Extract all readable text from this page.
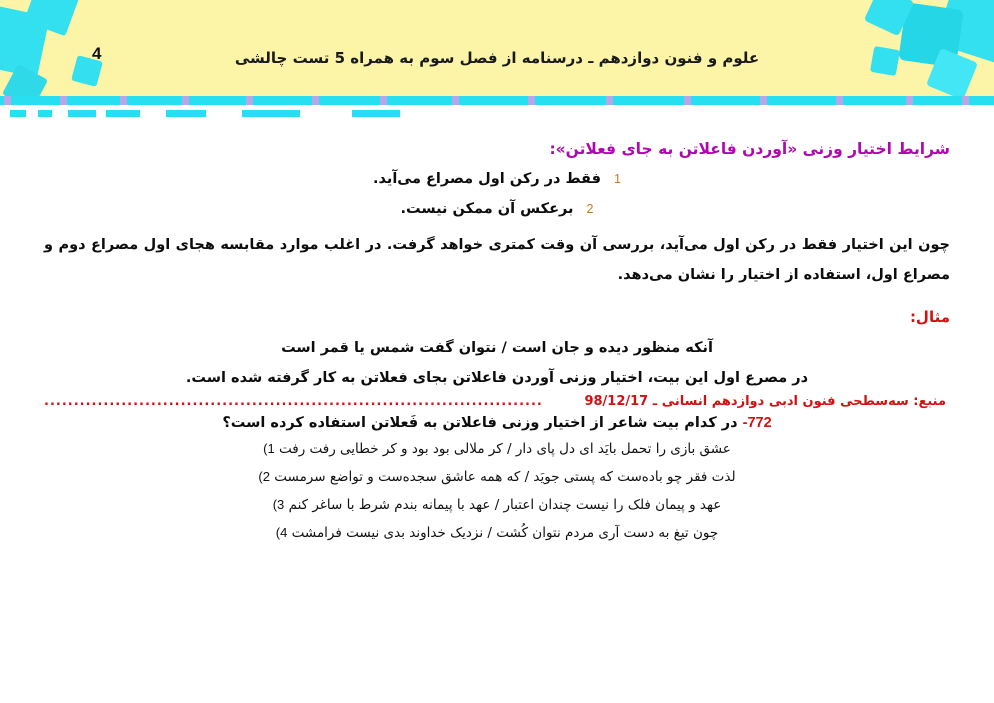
4	علوم و فنون دوازدهم ـ درسنامه از فصل سوم به همراه 5 تست چالشی
شرایط اختیار وزنی «آوردن فاعلاتن به جای فعلاتن»:
1 فقط در رکن اول مصراع می‌آید.
2 برعکس آن ممکن نیست.

چون این اختیار فقط در رکن اول می‌آید، بررسی آن وقت کمتری خواهد گرفت. در اغلب موارد مقابسه هجای اول مصراع دوم و مصراع اول، استفاده از اختیار را نشان می‌دهد.

مثال:
آنکه منظور دیده و جان است / نتوان گفت شمس یا قمر است
در مصرع اول این بیت، اختیار وزنی آوردن فاعلاتن بجای فعلاتن به کار گرفته شده است.
منبع: سه‌سطحی فنون ادبی دوازدهم انسانی ـ 98/12/17
....................................................................................
772- در کدام بیت شاعر از اختیار وزنی فاعلاتن به فَعلاتن استفاده کرده است؟
عشق بازی را تحمل بایَد ای دل پای دار / کر ملالی بود بود و کر خطایی رفت رفت 1)
لذت فقر چو باده‌ست که پستی جویَد / که همه عاشق سجده‌ست و تواضع سرمست 2)
عهد و پیمان فلک را نیست چندان اعتبار / عهد با پیمانه بندم شرط با ساغر کنم 3)
چون تیغ به دست آری مردم نتوان کُشت / نزدیک خداوند بدی نیست فرامشت 4)
